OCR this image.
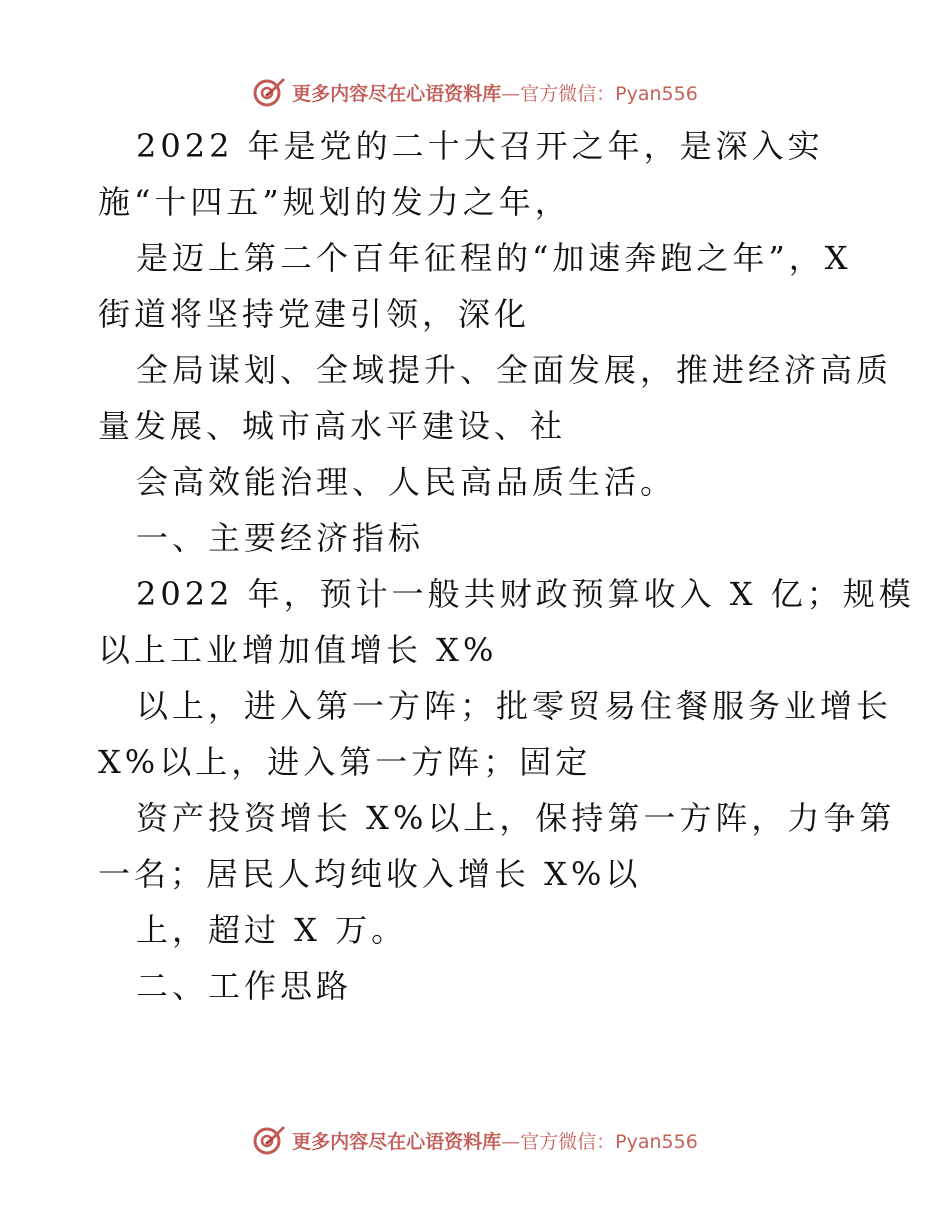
更多内容尽在心语资料库—官方微信：Pyan556
2022 年是党的二十大召开之年，是深入实
施“十四五”规划的发力之年，
是迈上第二个百年征程的“加速奔跑之年”，X
街道将坚持党建引领，深化
全局谋划、全域提升、全面发展，推进经济高质
量发展、城市高水平建设、社
会高效能治理、人民高品质生活。
一、主要经济指标
2022 年，预计一般共财政预算收入 X 亿；规模
以上工业增加值增长 X%
以上，进入第一方阵；批零贸易住餐服务业增长
X%以上，进入第一方阵；固定
资产投资增长 X%以上，保持第一方阵，力争第
一名；居民人均纯收入增长 X%以
上，超过 X 万。
二、工作思路
更多内容尽在心语资料库—官方微信：Pyan556
